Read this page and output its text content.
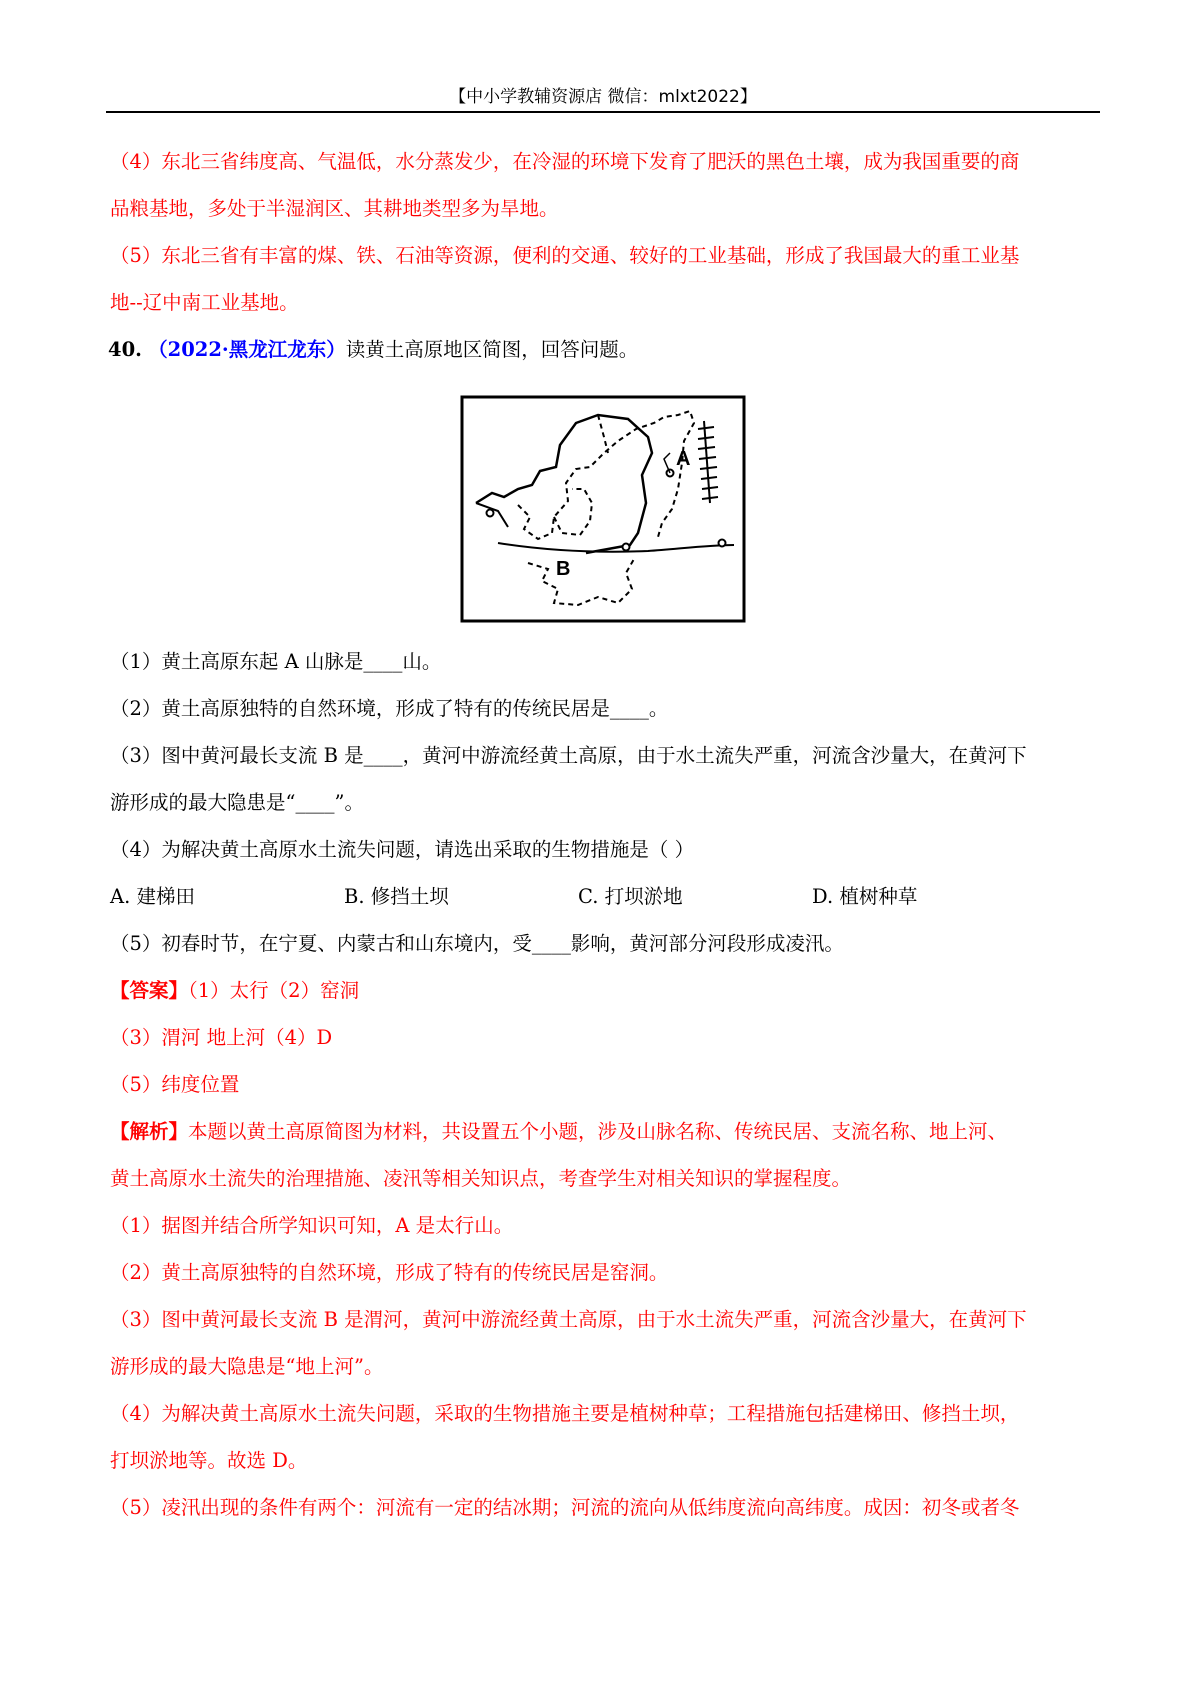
【中小学教辅资源店 微信：mlxt2022】
（4）东北三省纬度高、气温低，水分蒸发少，在冷湿的环境下发育了肥沃的黑色土壤，成为我国重要的商
品粮基地，多处于半湿润区、其耕地类型多为旱地。
（5）东北三省有丰富的煤、铁、石油等资源，便利的交通、较好的工业基础，形成了我国最大的重工业基
地--辽中南工业基地。
40. （2022·黑龙江龙东）读黄土高原地区简图，回答问题。
A
B
（1）黄土高原东起 A 山脉是____山。
（2）黄土高原独特的自然环境，形成了特有的传统民居是____。
（3）图中黄河最长支流 B 是____，黄河中游流经黄土高原，由于水土流失严重，河流含沙量大，在黄河下
游形成的最大隐患是“____”。
（4）为解决黄土高原水土流失问题，请选出采取的生物措施是（ ）
A. 建梯田	B. 修挡土坝	C. 打坝淤地	D. 植树种草
（5）初春时节，在宁夏、内蒙古和山东境内，受____影响，黄河部分河段形成凌汛。
【答案】（1）太行（2）窑洞
（3）渭河 地上河（4）D
（5）纬度位置
【解析】本题以黄土高原简图为材料，共设置五个小题，涉及山脉名称、传统民居、支流名称、地上河、
黄土高原水土流失的治理措施、凌汛等相关知识点，考查学生对相关知识的掌握程度。
（1）据图并结合所学知识可知，A 是太行山。
（2）黄土高原独特的自然环境，形成了特有的传统民居是窑洞。
（3）图中黄河最长支流 B 是渭河，黄河中游流经黄土高原，由于水土流失严重，河流含沙量大，在黄河下
游形成的最大隐患是“地上河”。
（4）为解决黄土高原水土流失问题，采取的生物措施主要是植树种草；工程措施包括建梯田、修挡土坝，
打坝淤地等。故选 D。
（5）凌汛出现的条件有两个：河流有一定的结冰期；河流的流向从低纬度流向高纬度。成因：初冬或者冬
